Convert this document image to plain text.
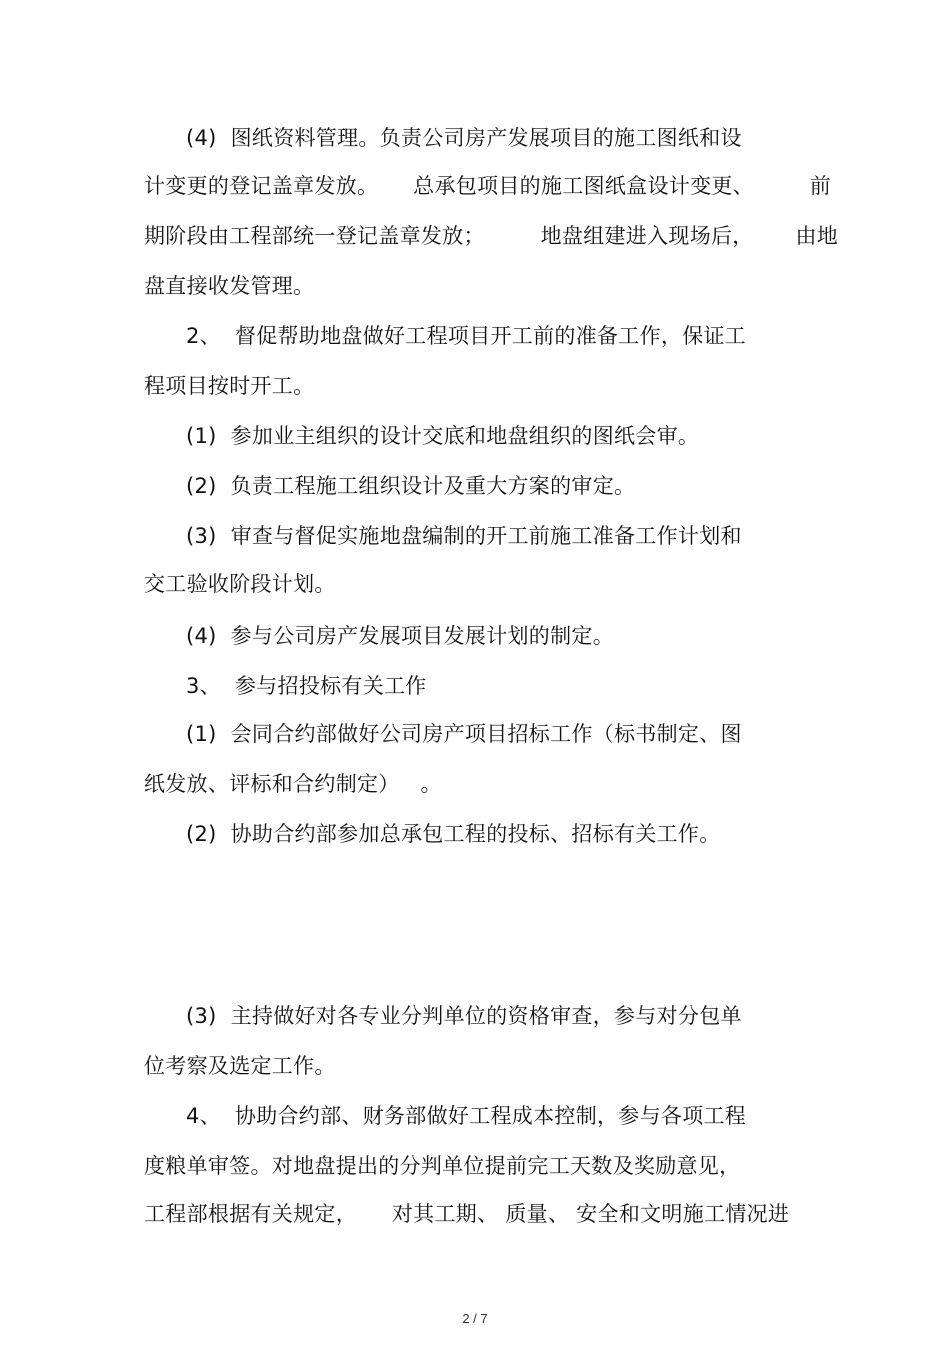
(4)  图纸资料管理。负责公司房产发展项目的施工图纸和设
计变更的登记盖章发放。     总承包项目的施工图纸盒设计变更、        前
期阶段由工程部统一登记盖章发放；        地盘组建进入现场后，      由地
盘直接收发管理。
2、  督促帮助地盘做好工程项目开工前的准备工作，保证工
程项目按时开工。
(1)  参加业主组织的设计交底和地盘组织的图纸会审。
(2)  负责工程施工组织设计及重大方案的审定。
(3)  审查与督促实施地盘编制的开工前施工准备工作计划和
交工验收阶段计划。
(4)  参与公司房产发展项目发展计划的制定。
3、  参与招投标有关工作
(1)  会同合约部做好公司房产项目招标工作（标书制定、图
纸发放、评标和合约制定）   。
(2)  协助合约部参加总承包工程的投标、招标有关工作。
(3)  主持做好对各专业分判单位的资格审查，参与对分包单
位考察及选定工作。
4、  协助合约部、财务部做好工程成本控制，参与各项工程
度粮单审签。对地盘提出的分判单位提前完工天数及奖励意见，
工程部根据有关规定，     对其工期、 质量、 安全和文明施工情况进
2 / 7
